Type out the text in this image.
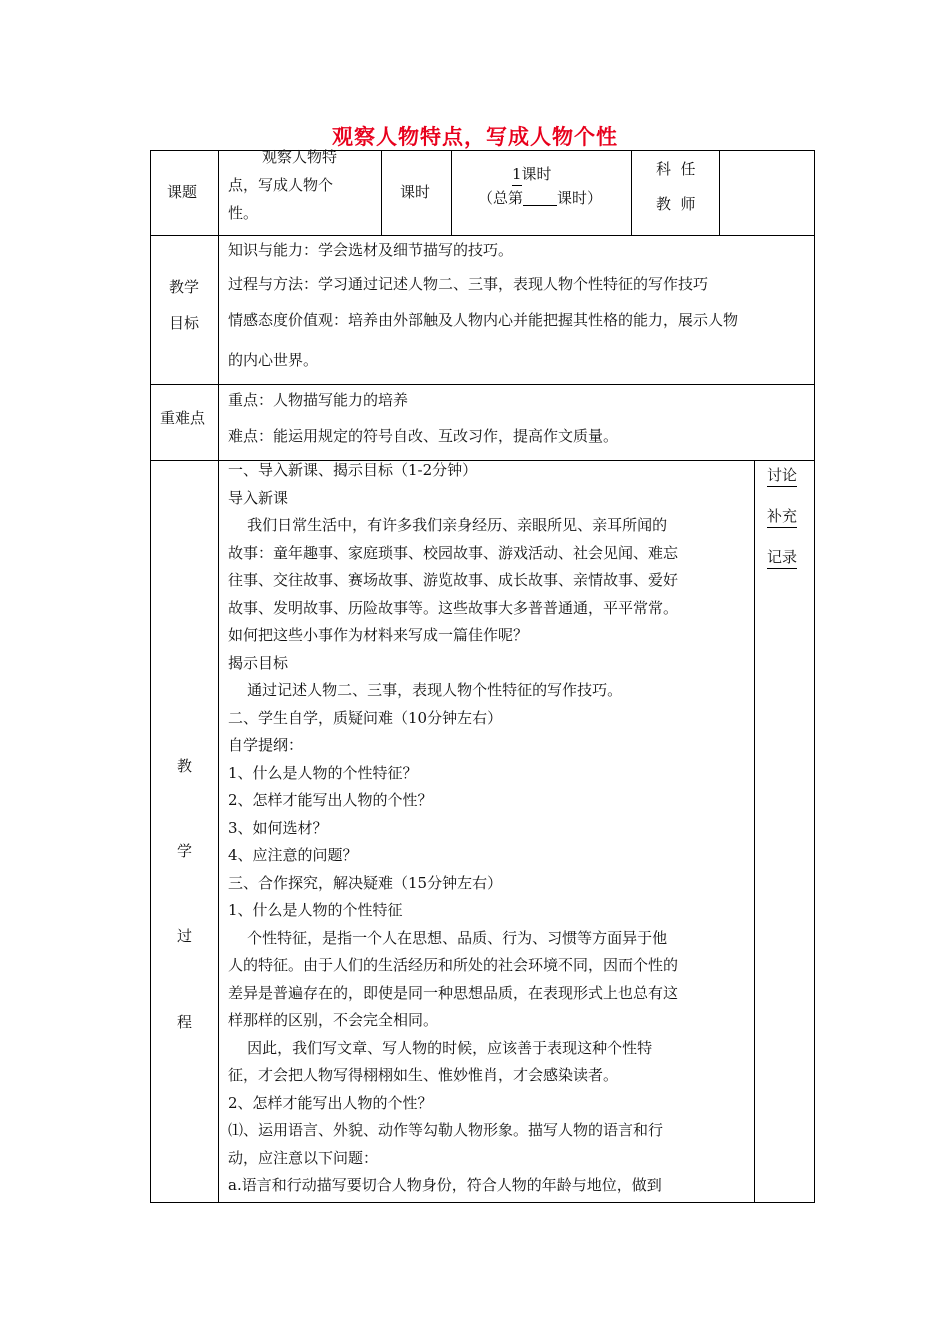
观察人物特点，写成人物个性
课题
观察人物特
点，写成人物个
性。
课时
1课时
（总第 课时）
科  任
教  师
教学
目标
知识与能力：学会选材及细节描写的技巧。
过程与方法：学习通过记述人物二、三事，表现人物个性特征的写作技巧
情感态度价值观：培养由外部触及人物内心并能把握其性格的能力，展示人物
的内心世界。
重难点
重点：人物描写能力的培养
难点：能运用规定的符号自改、互改习作，提高作文质量。
教
学
过
程
讨论
补充
记录
一、导入新课、揭示目标（1-2分钟）
导入新课
我们日常生活中，有许多我们亲身经历、亲眼所见、亲耳所闻的
故事：童年趣事、家庭琐事、校园故事、游戏活动、社会见闻、难忘
往事、交往故事、赛场故事、游览故事、成长故事、亲情故事、爱好
故事、发明故事、历险故事等。这些故事大多普普通通，平平常常。
如何把这些小事作为材料来写成一篇佳作呢？
揭示目标
通过记述人物二、三事，表现人物个性特征的写作技巧。
二、学生自学，质疑问难（10分钟左右）
自学提纲：
1、什么是人物的个性特征？
2、怎样才能写出人物的个性？
3、如何选材？
4、应注意的问题？
三、合作探究，解决疑难（15分钟左右）
1、什么是人物的个性特征
个性特征，是指一个人在思想、品质、行为、习惯等方面异于他
人的特征。由于人们的生活经历和所处的社会环境不同，因而个性的
差异是普遍存在的，即使是同一种思想品质，在表现形式上也总有这
样那样的区别，不会完全相同。
因此，我们写文章、写人物的时候，应该善于表现这种个性特
征，才会把人物写得栩栩如生、惟妙惟肖，才会感染读者。
2、怎样才能写出人物的个性？
⑴、运用语言、外貌、动作等勾勒人物形象。描写人物的语言和行
动，应注意以下问题：
a.语言和行动描写要切合人物身份，符合人物的年龄与地位，做到
